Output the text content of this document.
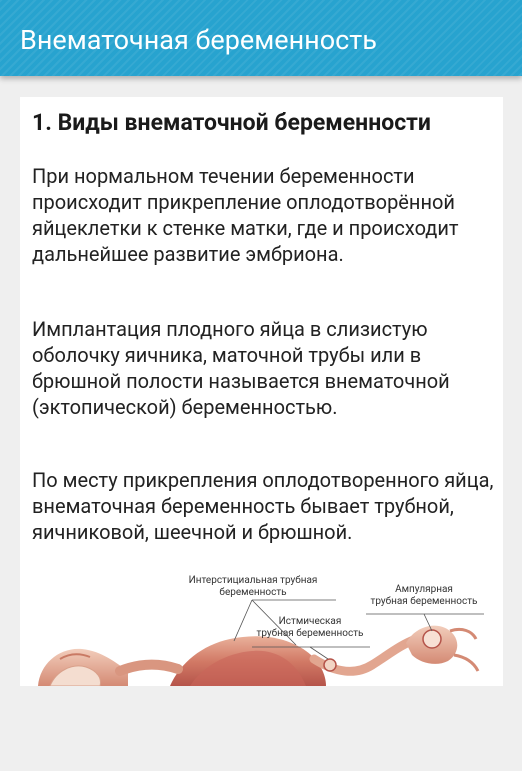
Внематочная беременность
1. Виды внематочной беременности

При нормальном течении беременности происходит прикрепление оплодотворённой яйцеклетки к стенке матки, где и происходит дальнейшее развитие эмбриона.

Имплантация плодного яйца в слизистую оболочку яичника, маточной трубы или в брюшной полости называется внематочной (эктопической) беременностью.

По месту прикрепления оплодотворенного яйца, внематочная беременность бывает трубной, яичниковой, шеечной и брюшной.

Интерстициальная трубная
беременность	Ампулярная
трубная беременность
Истмическая
трубная беременность
